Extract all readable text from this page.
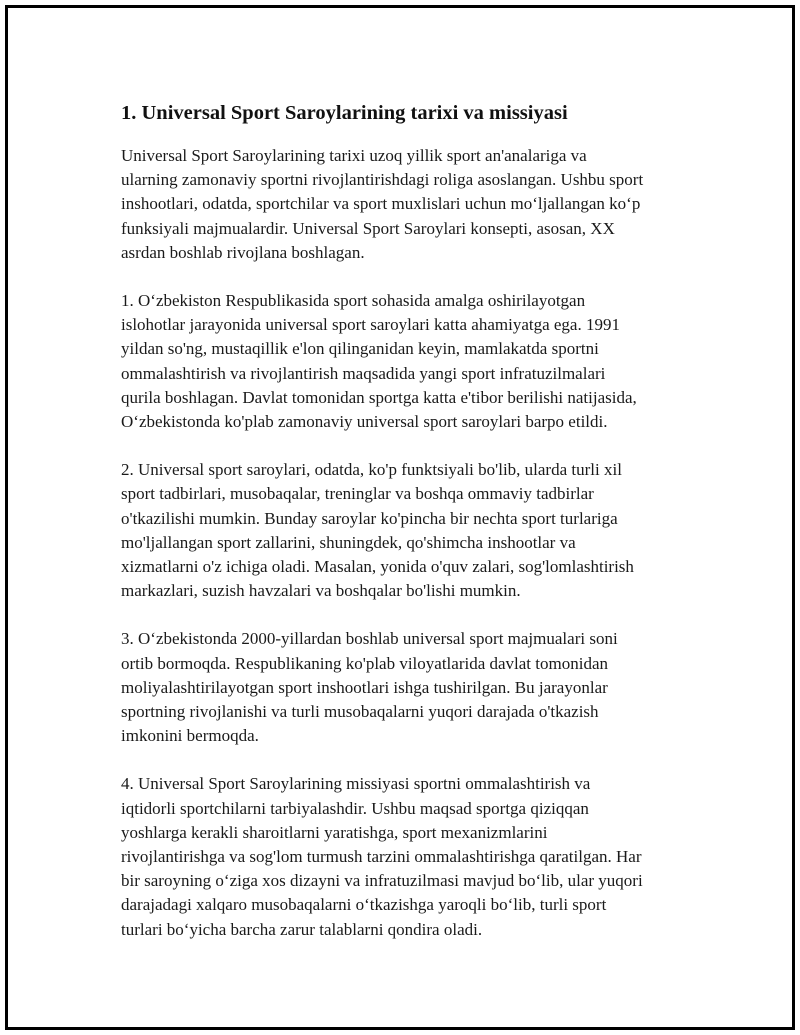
1. Universal Sport Saroylarining tarixi va missiyasi

Universal Sport Saroylarining tarixi uzoq yillik sport an'analariga va
ularning zamonaviy sportni rivojlantirishdagi roliga asoslangan. Ushbu sport
inshootlari, odatda, sportchilar va sport muxlislari uchun mo‘ljallangan ko‘p
funksiyali majmualardir. Universal Sport Saroylari konsepti, asosan, XX
asrdan boshlab rivojlana boshlagan.

1. O‘zbekiston Respublikasida sport sohasida amalga oshirilayotgan
islohotlar jarayonida universal sport saroylari katta ahamiyatga ega. 1991
yildan so'ng, mustaqillik e'lon qilinganidan keyin, mamlakatda sportni
ommalashtirish va rivojlantirish maqsadida yangi sport infratuzilmalari
qurila boshlagan. Davlat tomonidan sportga katta e'tibor berilishi natijasida,
O‘zbekistonda ko'plab zamonaviy universal sport saroylari barpo etildi.

2. Universal sport saroylari, odatda, ko'p funktsiyali bo'lib, ularda turli xil
sport tadbirlari, musobaqalar, treninglar va boshqa ommaviy tadbirlar
o'tkazilishi mumkin. Bunday saroylar ko'pincha bir nechta sport turlariga
mo'ljallangan sport zallarini, shuningdek, qo'shimcha inshootlar va
xizmatlarni o'z ichiga oladi. Masalan, yonida o'quv zalari, sog'lomlashtirish
markazlari, suzish havzalari va boshqalar bo'lishi mumkin.

3. O‘zbekistonda 2000-yillardan boshlab universal sport majmualari soni
ortib bormoqda. Respublikaning ko'plab viloyatlarida davlat tomonidan
moliyalashtirilayotgan sport inshootlari ishga tushirilgan. Bu jarayonlar
sportning rivojlanishi va turli musobaqalarni yuqori darajada o'tkazish
imkonini bermoqda.

4. Universal Sport Saroylarining missiyasi sportni ommalashtirish va
iqtidorli sportchilarni tarbiyalashdir. Ushbu maqsad sportga qiziqqan
yoshlarga kerakli sharoitlarni yaratishga, sport mexanizmlarini
rivojlantirishga va sog'lom turmush tarzini ommalashtirishga qaratilgan. Har
bir saroyning o‘ziga xos dizayni va infratuzilmasi mavjud bo‘lib, ular yuqori
darajadagi xalqaro musobaqalarni o‘tkazishga yaroqli bo‘lib, turli sport
turlari bo‘yicha barcha zarur talablarni qondira oladi.
